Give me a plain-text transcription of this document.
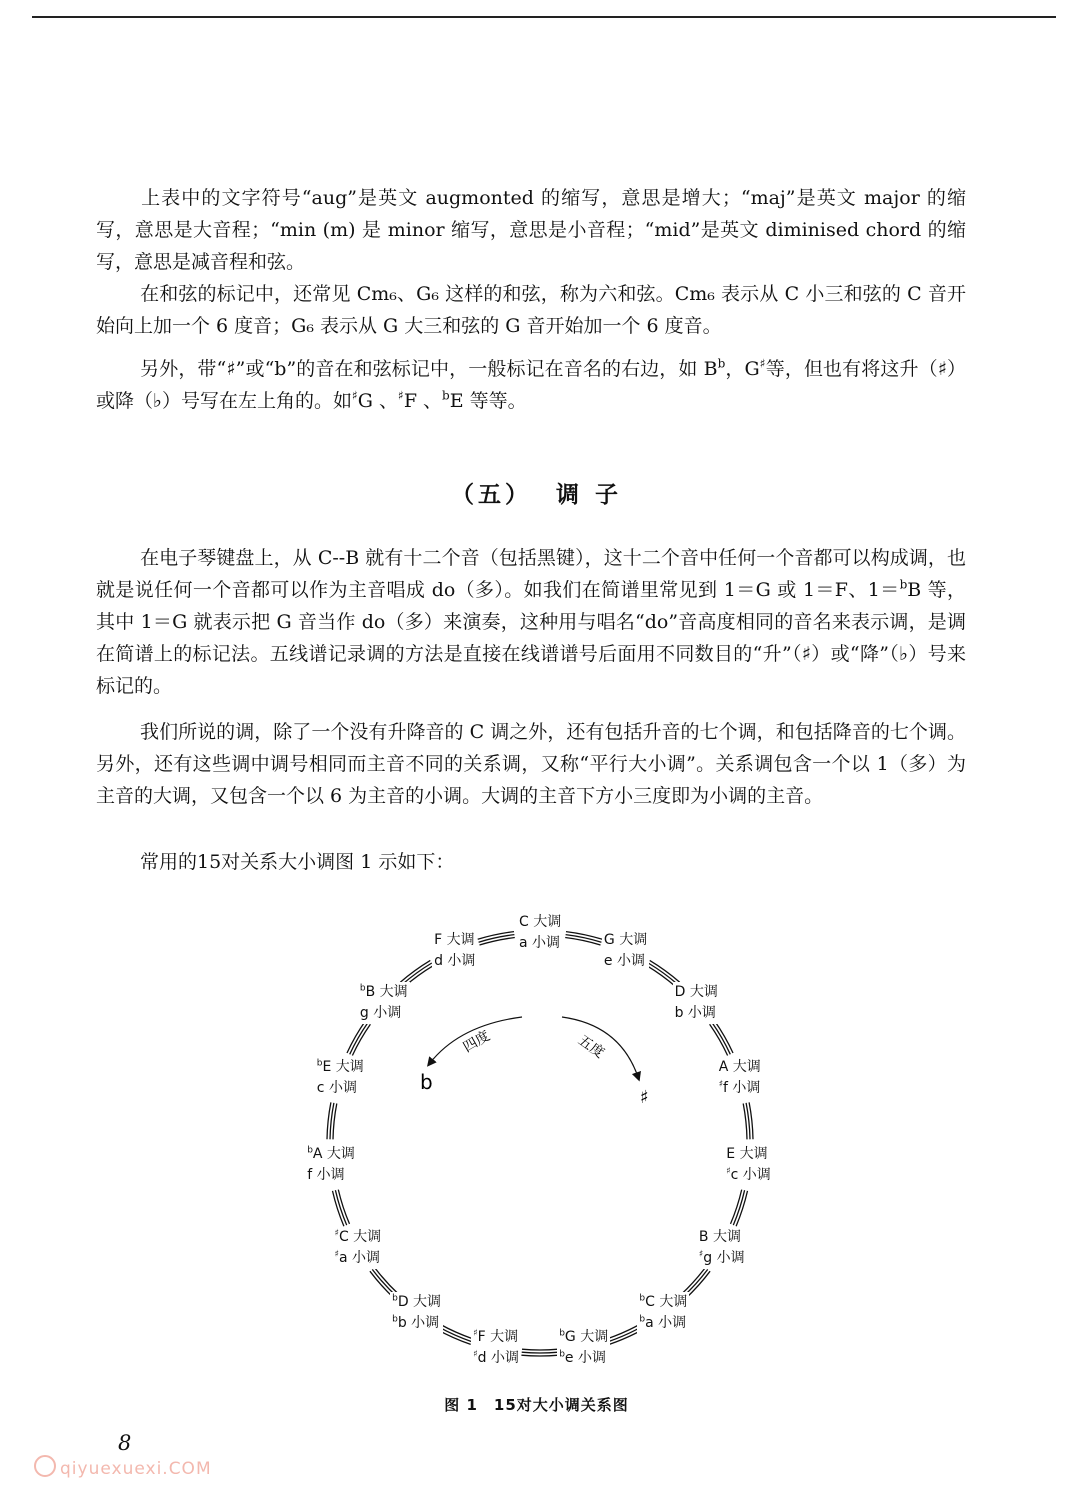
上表中的文字符号“aug”是英文 augmonted 的缩写，意思是增大；“maj”是英文 major 的缩写，意思是大音程；“min (m) 是 minor 缩写，意思是小音程；“mid”是英文 diminised chord 的缩写，意思是减音程和弦。
在和弦的标记中，还常见 Cm₆、G₆ 这样的和弦，称为六和弦。Cm₆ 表示从 C 小三和弦的 C 音开始向上加一个 6 度音；G₆ 表示从 G 大三和弦的 G 音开始加一个 6 度音。
另外，带“♯”或“b”的音在和弦标记中，一般标记在音名的右边，如 $B^b$，G♯等，但也有将这升（♯）或降（♭）号写在左上角的。如♯G 、♯F 、$^b$E 等等。
（五） 调 子
在电子琴键盘上，从 C--B 就有十二个音（包括黑键），这十二个音中任何一个音都可以构成调，也就是说任何一个音都可以作为主音唱成 do（多）。如我们在简谱里常见到 1＝G 或 1＝F、1＝$^b$B 等，其中 1＝G 就表示把 G 音当作 do（多）来演奏，这种用与唱名“do”音高度相同的音名来表示调，是调在简谱上的标记法。五线谱记录调的方法是直接在线谱谱号后面用不同数目的“升”（♯）或“降”（♭）号来标记的。
我们所说的调，除了一个没有升降音的 C 调之外，还有包括升音的七个调，和包括降音的七个调。另外，还有这些调中调号相同而主音不同的关系调，又称“平行大小调”。关系调包含一个以 1（多）为主音的大调，又包含一个以 6 为主音的小调。大调的主音下方小三度即为小调的主音。
常用的15对关系大小调图 1 示如下：
四度	五度
b
♯
C 大调
a 小调	G 大调
e 小调
D 大调
b 小调
A 大调
♯f 小调
E 大调
♯c 小调
B 大调
♯g 小调
$^b$C 大调
$^b$a 小调
$^b$G 大调
$^b$e 小调
♯F 大调
♯d 小调
$^b$D 大调
$^b$b 小调
♯C 大调
♯a 小调
$^b$A 大调
f 小调
$^b$E 大调
c 小调
$^b$B 大调
g 小调
F 大调
d 小调
图 1　15对大小调关系图
8
qiyuexuexi.COM
